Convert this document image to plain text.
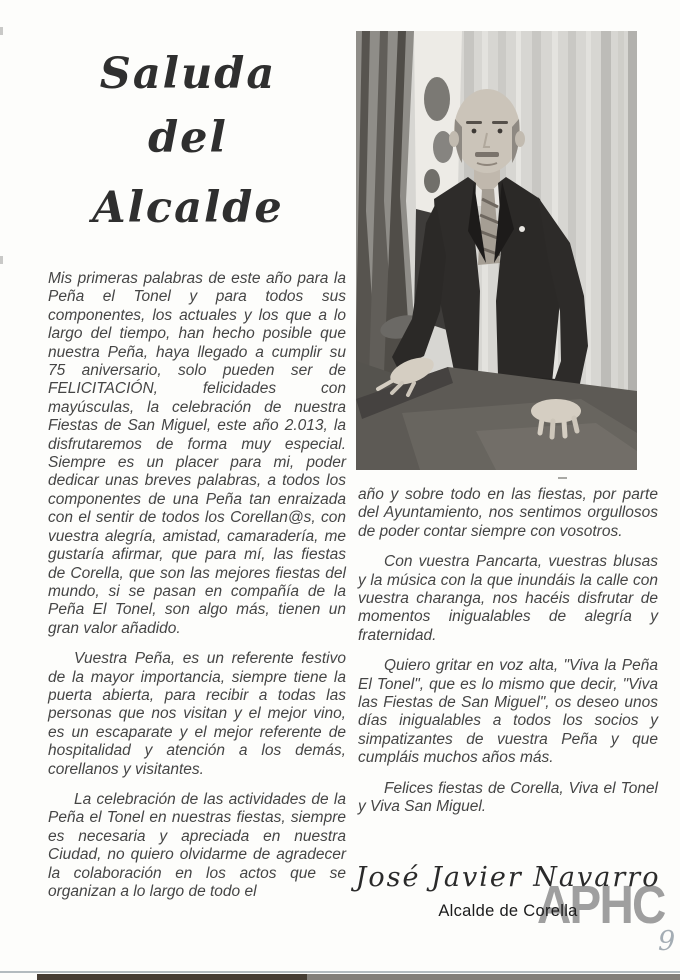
Saluda
del
Alcalde

Mis primeras palabras de este año para la Peña el Tonel y para todos sus componentes, los actuales y los que a lo largo del tiempo, han hecho posible que nuestra Peña, haya llegado a cumplir su 75 aniversario, solo pueden ser de FELICITACIÓN, felicidades con mayúsculas, la celebración de nuestra Fiestas de San Miguel, este año 2.013, la disfrutaremos de forma muy especial.

Siempre es un placer para mi, poder dedicar unas breves palabras, a todos los componentes de una Peña tan enraizada con el sentir de todos los Corellan@s, con vuestra alegría, amistad, camaradería, me gustaría afirmar, que para mí, las fiestas de Corella, que son las mejores fiestas del mundo, si se pasan en compañía de la Peña El Tonel, son algo más, tienen un gran valor añadido.

Vuestra Peña, es un referente festivo de la mayor importancia, siempre tiene la puerta abierta, para recibir a todas las personas que nos visitan y el mejor vino, es un escaparate y el mejor referente de hospitalidad y atención a los demás, corellanos y visitantes.

La celebración de las actividades de la Peña el Tonel en nuestras fiestas, siempre es necesaria y apreciada en nuestra Ciudad, no quiero olvidarme de agradecer la colaboración en los actos que se organizan a lo largo de todo el

año y sobre todo en las fiestas, por parte del Ayuntamiento, nos sentimos orgullosos de poder contar siempre con vosotros.

Con vuestra Pancarta, vuestras blusas y la música con la que inundáis la calle con vuestra charanga, nos hacéis disfrutar de momentos inigualables de alegría y fraternidad.

Quiero gritar en voz alta, "Viva la Peña El Tonel", que es lo mismo que decir, "Viva las Fiestas de San Miguel", os deseo unos días inigualables a todos los socios y simpatizantes de vuestra Peña y que cumpláis muchos años más.

Felices fiestas de Corella, Viva el Tonel y Viva San Miguel.

APHC
José Javier Navarro
Alcalde de Corella
9
